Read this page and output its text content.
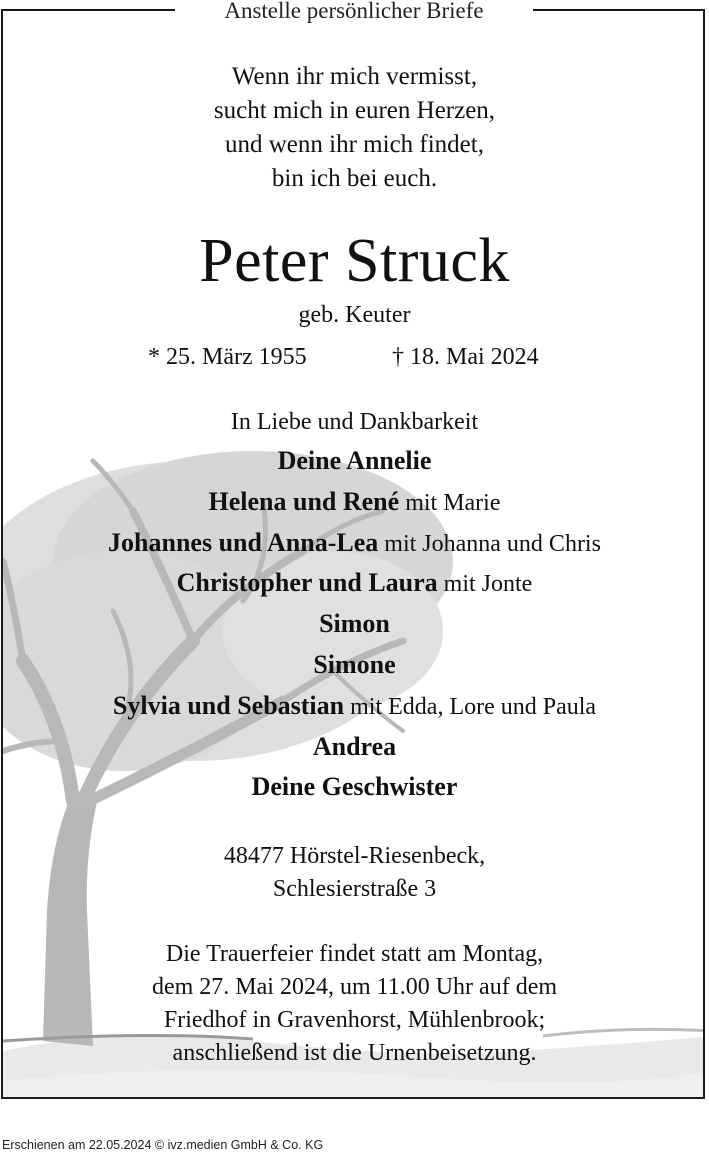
Anstelle persönlicher Briefe
Wenn ihr mich vermisst,
sucht mich in euren Herzen,
und wenn ihr mich findet,
bin ich bei euch.
Peter Struck
geb. Keuter
* 25. März 1955	† 18. Mai 2024
In Liebe und Dankbarkeit
Deine Annelie
Helena und René mit Marie
Johannes und Anna-Lea mit Johanna und Chris
Christopher und Laura mit Jonte
Simon
Simone
Sylvia und Sebastian mit Edda, Lore und Paula
Andrea
Deine Geschwister
48477 Hörstel-Riesenbeck,
Schlesierstraße 3
Die Trauerfeier findet statt am Montag,
dem 27. Mai 2024, um 11.00 Uhr auf dem
Friedhof in Gravenhorst, Mühlenbrook;
anschließend ist die Urnenbeisetzung.
Erschienen am 22.05.2024 © ivz.medien GmbH & Co. KG
